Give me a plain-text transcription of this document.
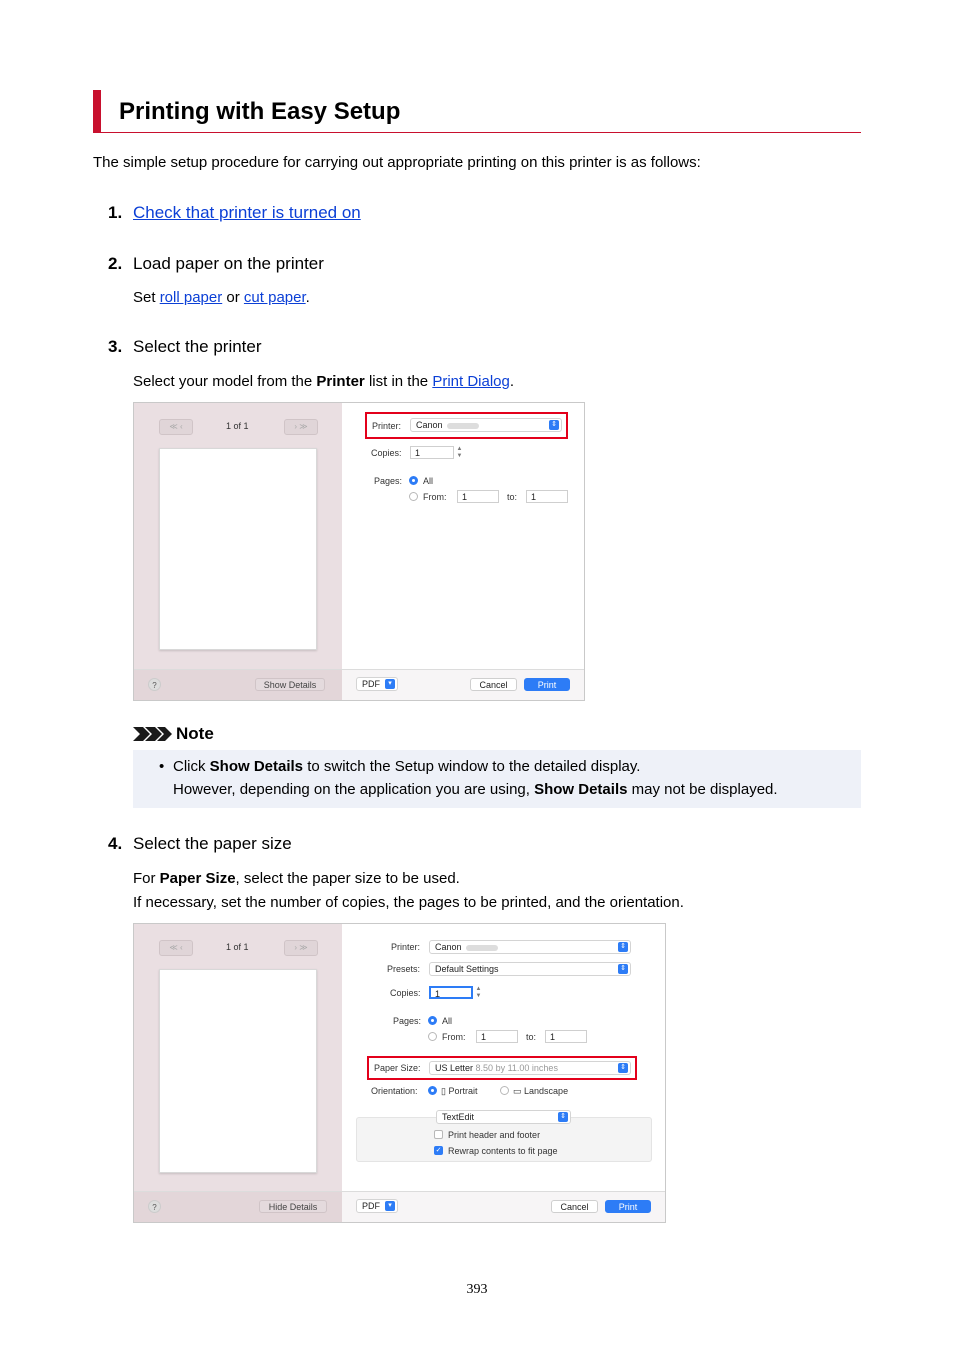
Printing with Easy Setup
The simple setup procedure for carrying out appropriate printing on this printer is as follows:
1. Check that printer is turned on
2. Load paper on the printer
Set roll paper or cut paper.
3. Select the printer
Select your model from the Printer list in the Print Dialog.
≪ ‹	1 of 1	› ≫	Printer:	Canon	⇕
Copies:	1	▲
▼
Pages: All
From:	1	to:	1
?	Show Details	PDF	▾	Cancel	Print
Note
• Click Show Details to switch the Setup window to the detailed display.
However, depending on the application you are using, Show Details may not be displayed.
4. Select the paper size
For Paper Size, select the paper size to be used.
If necessary, set the number of copies, the pages to be printed, and the orientation.
≪ ‹	1 of 1	› ≫	Printer:	Canon	⇕
Presets:	Default Settings	⇕
Copies:	1	▲
▼
Pages: All
From:	1	to:	1
Paper Size:	US Letter 8.50 by 11.00 inches	⇕
Orientation:	▯ Portrait	▭ Landscape
TextEdit	⇕
Print header and footer
✓ Rewrap contents to fit page
?	Hide Details	PDF	▾	Cancel	Print
393
